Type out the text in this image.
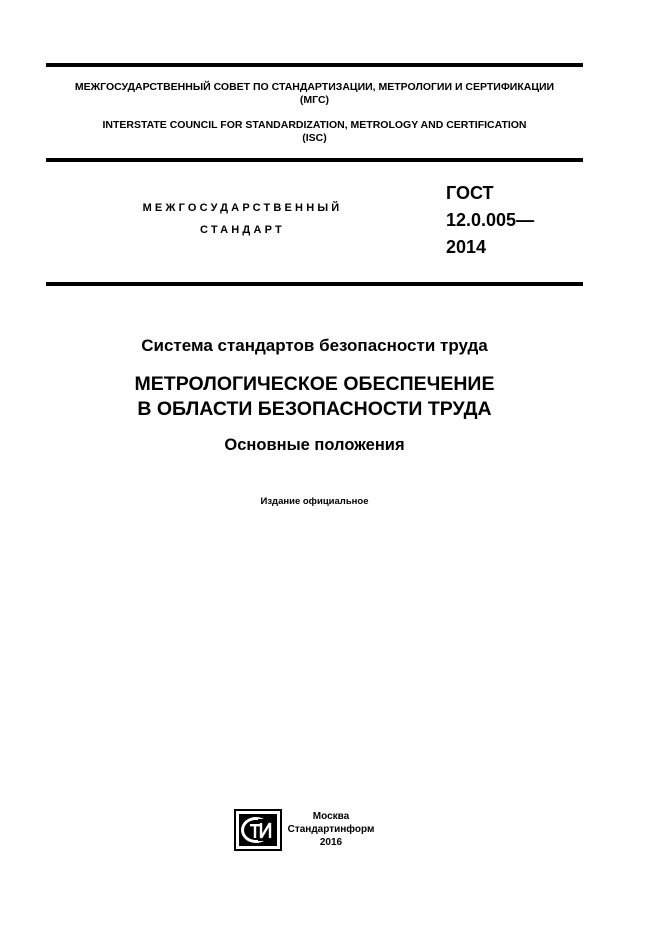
МЕЖГОСУДАРСТВЕННЫЙ СОВЕТ ПО СТАНДАРТИЗАЦИИ, МЕТРОЛОГИИ И СЕРТИФИКАЦИИ
(МГС)
INTERSTATE COUNCIL FOR STANDARDIZATION, METROLOGY AND CERTIFICATION
(ISC)
МЕЖГОСУДАРСТВЕННЫЙ
СТАНДАРТ
ГОСТ
12.0.005—
2014
Система стандартов безопасности труда
МЕТРОЛОГИЧЕСКОЕ ОБЕСПЕЧЕНИЕ
В ОБЛАСТИ БЕЗОПАСНОСТИ ТРУДА
Основные положения
Издание официальное
Москва
Стандартинформ
2016
